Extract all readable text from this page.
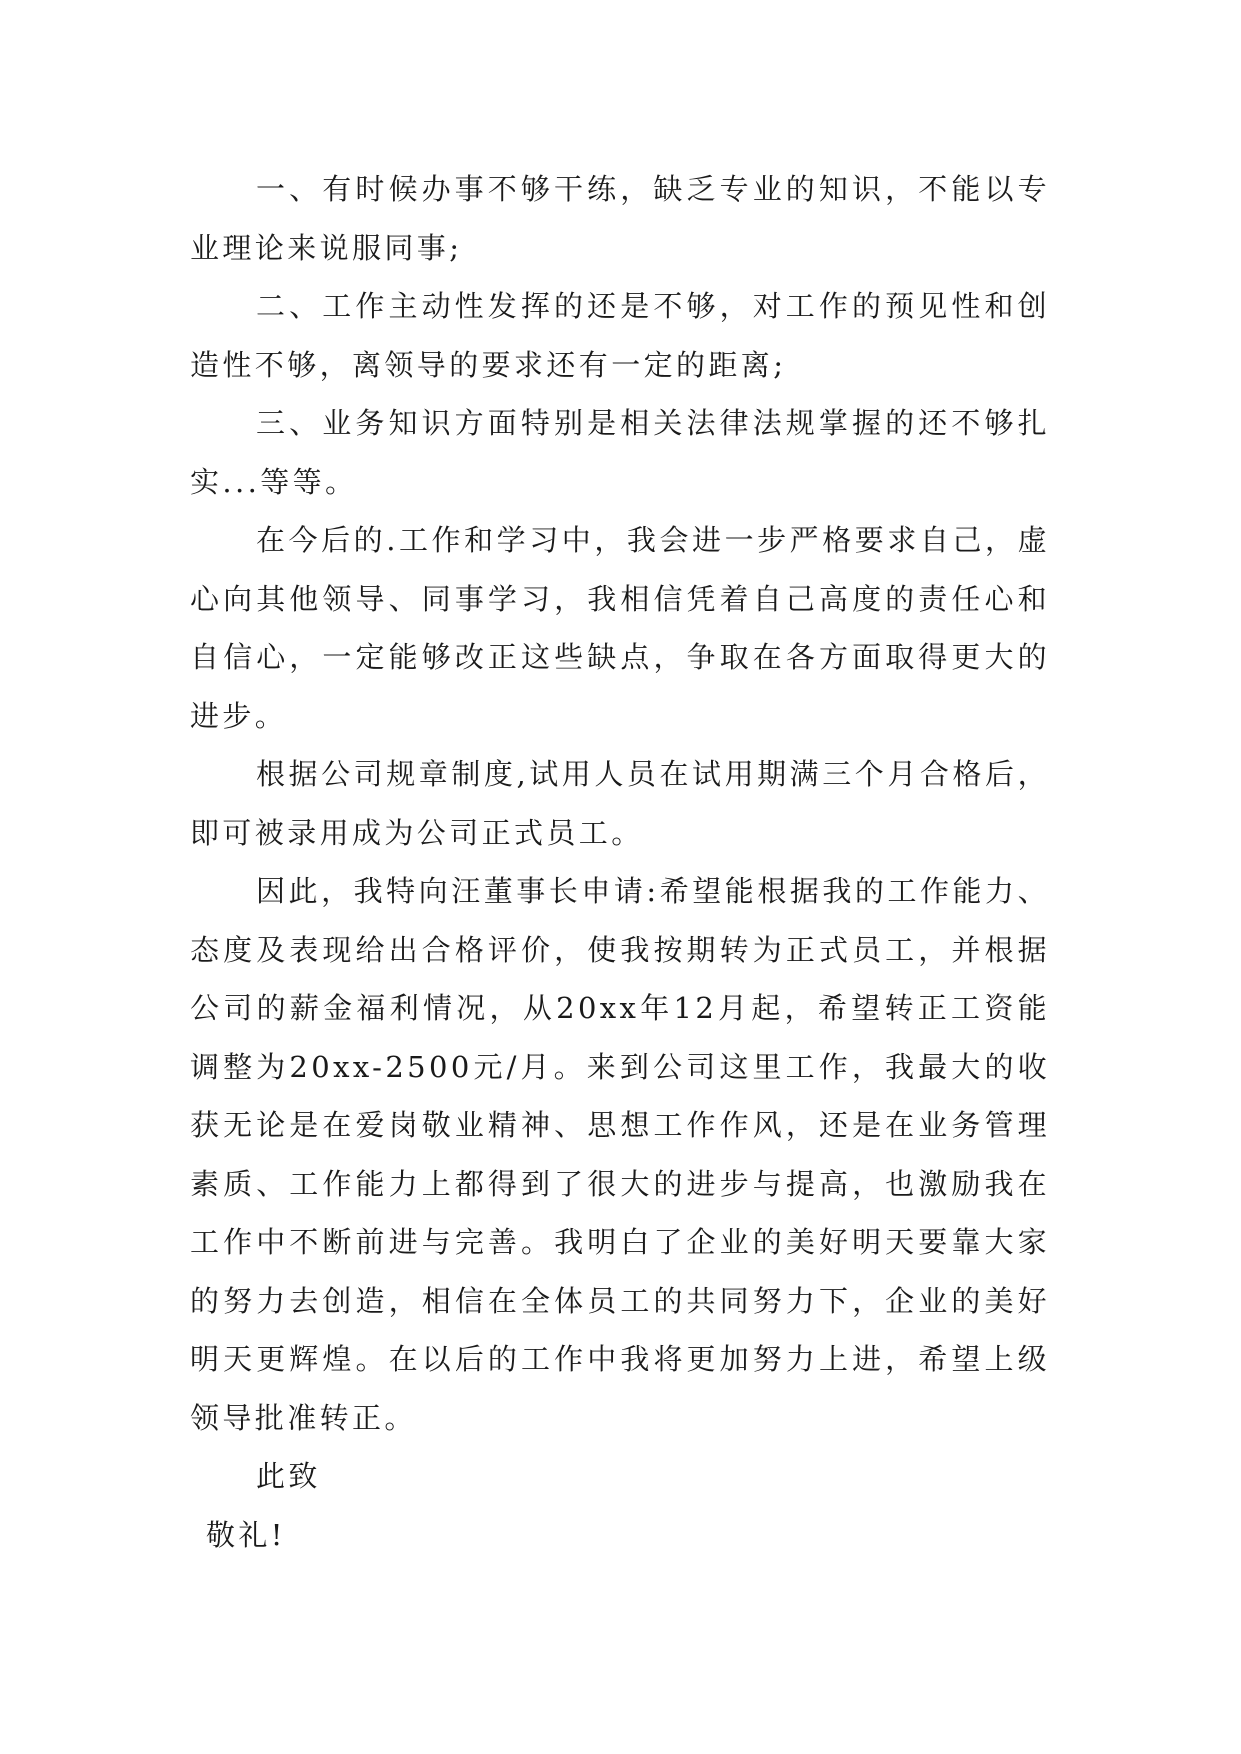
一、有时候办事不够干练，缺乏专业的知识，不能以专业理论来说服同事;

二、工作主动性发挥的还是不够，对工作的预见性和创造性不够，离领导的要求还有一定的距离;

三、业务知识方面特别是相关法律法规掌握的还不够扎实...等等。

在今后的.工作和学习中，我会进一步严格要求自己，虚心向其他领导、同事学习，我相信凭着自己高度的责任心和自信心，一定能够改正这些缺点，争取在各方面取得更大的进步。

根据公司规章制度,试用人员在试用期满三个月合格后，即可被录用成为公司正式员工。

因此，我特向汪董事长申请:希望能根据我的工作能力、态度及表现给出合格评价，使我按期转为正式员工，并根据公司的薪金福利情况，从20xx年12月起，希望转正工资能调整为20xx-2500元/月。来到公司这里工作，我最大的收获无论是在爱岗敬业精神、思想工作作风，还是在业务管理素质、工作能力上都得到了很大的进步与提高，也激励我在工作中不断前进与完善。我明白了企业的美好明天要靠大家的努力去创造，相信在全体员工的共同努力下，企业的美好明天更辉煌。在以后的工作中我将更加努力上进，希望上级领导批准转正。

此致

敬礼!
